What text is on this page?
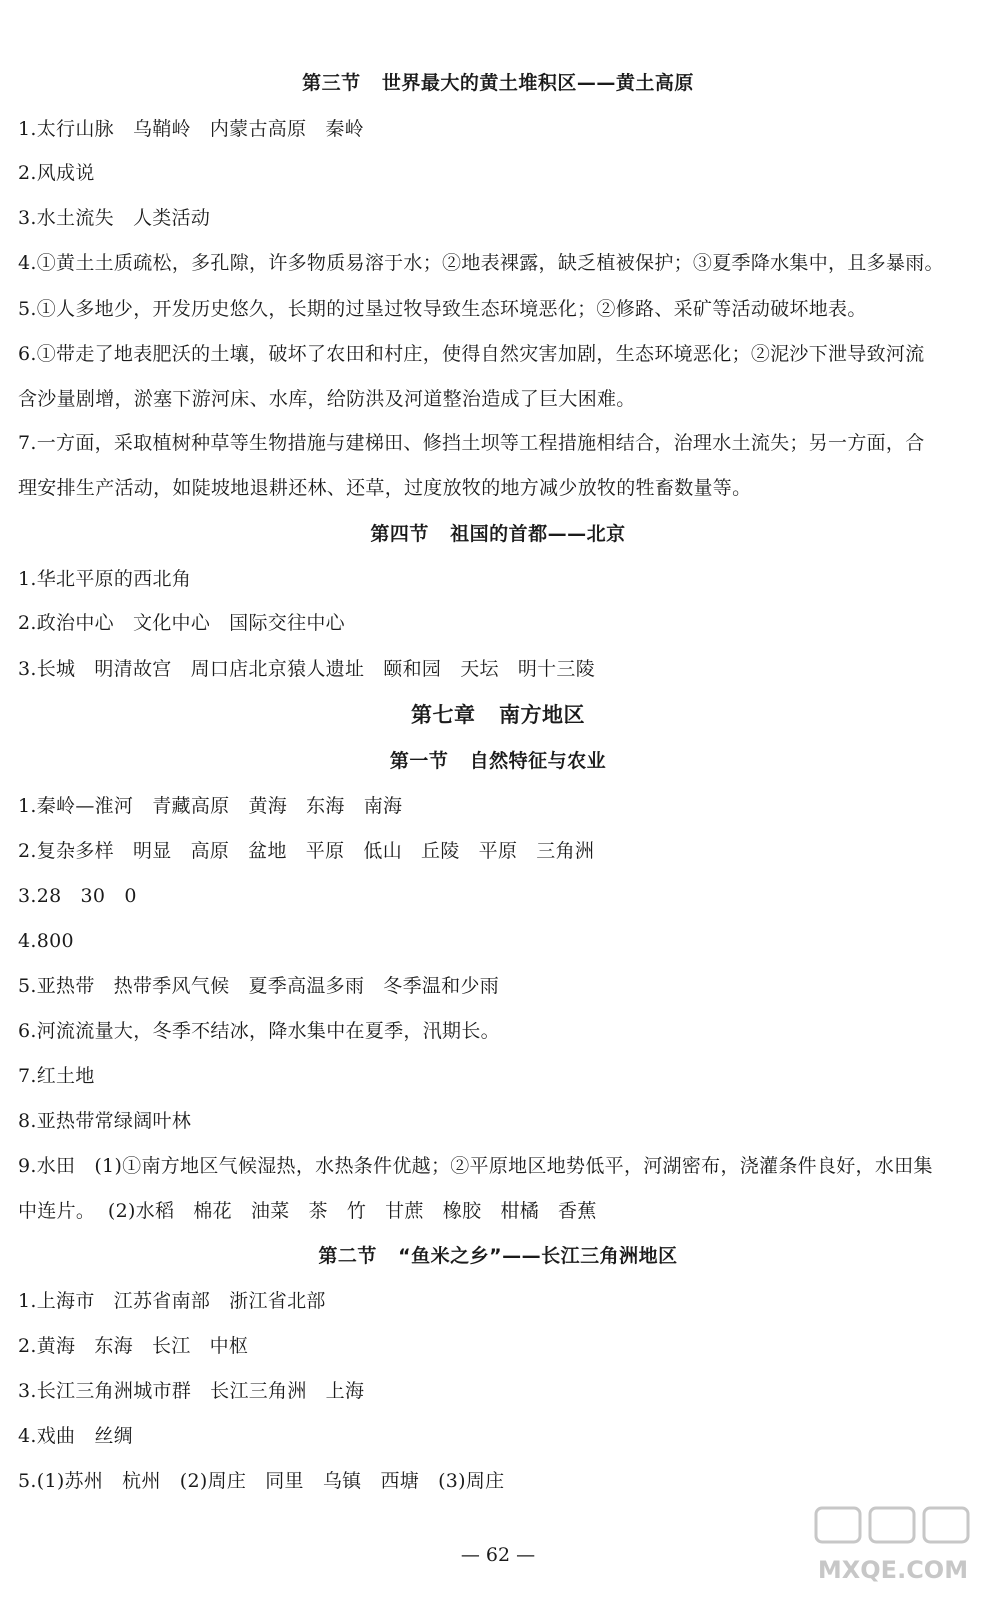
第三节   世界最大的黄土堆积区——黄土高原
1.太行山脉   乌鞘岭   内蒙古高原   秦岭
2.风成说
3.水土流失   人类活动
4.①黄土土质疏松，多孔隙，许多物质易溶于水；②地表裸露，缺乏植被保护；③夏季降水集中，且多暴雨。
5.①人多地少，开发历史悠久，长期的过垦过牧导致生态环境恶化；②修路、采矿等活动破坏地表。
6.①带走了地表肥沃的土壤，破坏了农田和村庄，使得自然灾害加剧，生态环境恶化；②泥沙下泄导致河流
含沙量剧增，淤塞下游河床、水库，给防洪及河道整治造成了巨大困难。
7.一方面，采取植树种草等生物措施与建梯田、修挡土坝等工程措施相结合，治理水土流失；另一方面，合
理安排生产活动，如陡坡地退耕还林、还草，过度放牧的地方减少放牧的牲畜数量等。
第四节   祖国的首都——北京
1.华北平原的西北角
2.政治中心   文化中心   国际交往中心
3.长城   明清故宫   周口店北京猿人遗址   颐和园   天坛   明十三陵
第七章   南方地区
第一节   自然特征与农业
1.秦岭—淮河   青藏高原   黄海   东海   南海
2.复杂多样   明显   高原   盆地   平原   低山   丘陵   平原   三角洲
3.28   30   0
4.800
5.亚热带   热带季风气候   夏季高温多雨   冬季温和少雨
6.河流流量大，冬季不结冰，降水集中在夏季，汛期长。
7.红土地
8.亚热带常绿阔叶林
9.水田   (1)①南方地区气候湿热，水热条件优越；②平原地区地势低平，河湖密布，浇灌条件良好，水田集
中连片。  (2)水稻   棉花   油菜   茶   竹   甘蔗   橡胶   柑橘   香蕉
第二节   “鱼米之乡”——长江三角洲地区
1.上海市   江苏省南部   浙江省北部
2.黄海   东海   长江   中枢
3.长江三角洲城市群   长江三角洲   上海
4.戏曲   丝绸
5.(1)苏州   杭州   (2)周庄   同里   乌镇   西塘   (3)周庄
— 62 —
MXQE.COM
